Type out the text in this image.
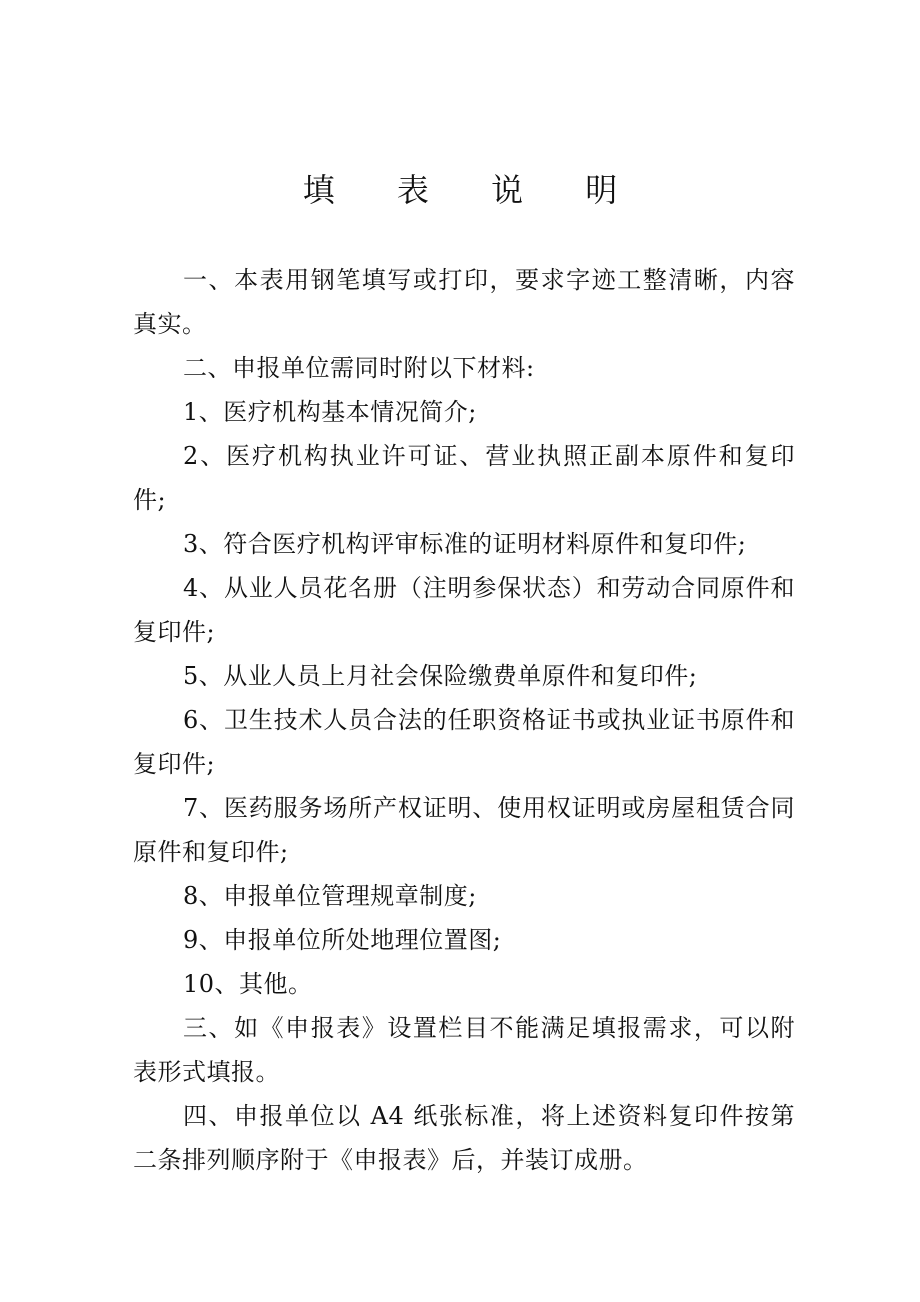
填 表 说 明

一、本表用钢笔填写或打印，要求字迹工整清晰，内容真实。

二、申报单位需同时附以下材料:

1、医疗机构基本情况简介;

2、医疗机构执业许可证、营业执照正副本原件和复印件;

3、符合医疗机构评审标准的证明材料原件和复印件;

4、从业人员花名册（注明参保状态）和劳动合同原件和复印件;

5、从业人员上月社会保险缴费单原件和复印件;

6、卫生技术人员合法的任职资格证书或执业证书原件和复印件;

7、医药服务场所产权证明、使用权证明或房屋租赁合同原件和复印件;

8、申报单位管理规章制度;

9、申报单位所处地理位置图;

10、其他。

三、如《申报表》设置栏目不能满足填报需求，可以附表形式填报。

四、申报单位以 A4 纸张标准，将上述资料复印件按第二条排列顺序附于《申报表》后，并装订成册。
